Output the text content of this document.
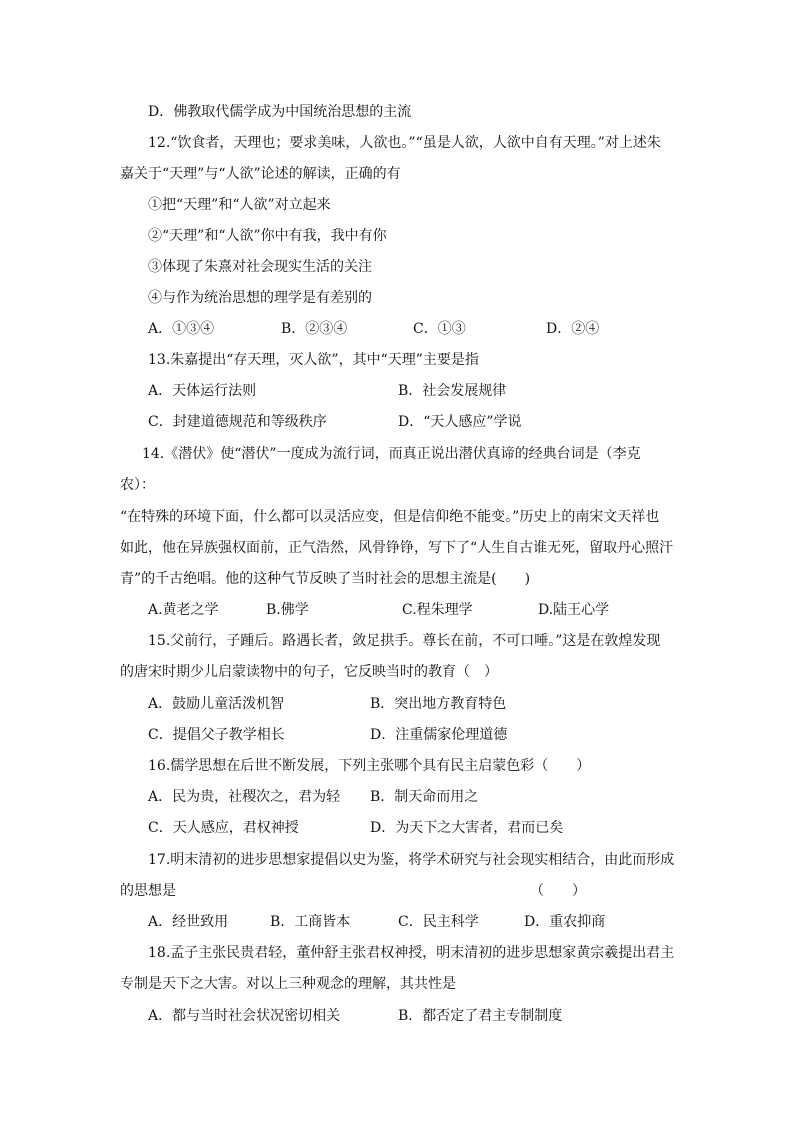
D．佛教取代儒学成为中国统治思想的主流
12.“饮食者，天理也；要求美味，人欲也。”“虽是人欲，人欲中自有天理。”对上述朱
嘉关于“天理”与“人欲”论述的解读，正确的有
①把“天理”和“人欲”对立起来
②“天理”和“人欲”你中有我，我中有你
③体现了朱熹对社会现实生活的关注
④与作为统治思想的理学是有差别的
A．①③④	B．②③④	C．①③	D．②④
13.朱嘉提出“存天理，灭人欲”，其中“天理”主要是指
A．天体运行法则	B．社会发展规律
C．封建道德规范和等级秩序	D．“天人感应”学说
14.《潜伏》使“潜伏”一度成为流行词，而真正说出潜伏真谛的经典台词是（李克
农）：
“在特殊的环境下面，什么都可以灵活应变，但是信仰绝不能变。”历史上的南宋文天祥也
如此，他在异族强权面前，正气浩然，风骨铮铮，写下了“人生自古谁无死，留取丹心照汗
青”的千古绝唱。他的这种气节反映了当时社会的思想主流是(　　)
A.黄老之学	B.佛学	C.程朱理学	D.陆王心学
15.父前行，子踵后。路遇长者，敛足拱手。尊长在前，不可口唾。”这是在敦煌发现
的唐宋时期少儿启蒙读物中的句子，它反映当时的教育（　）
A．鼓励儿童活泼机智	B．突出地方教育特色
C．提倡父子教学相长	D．注重儒家伦理道德
16.儒学思想在后世不断发展，下列主张哪个具有民主启蒙色彩（　　）
A．民为贵，社稷次之，君为轻 B．制天命而用之
C．天人感应，君权神授	D．为天下之大害者，君而已矣
17.明末清初的进步思想家提倡以史为鉴，将学术研究与社会现实相结合，由此而形成
的思想是	（　　）
A．经世致用	B．工商皆本	C．民主科学	D．重农抑商
18.孟子主张民贵君轻，董仲舒主张君权神授，明末清初的进步思想家黄宗羲提出君主
专制是天下之大害。对以上三种观念的理解，其共性是
A．都与当时社会状况密切相关	B．都否定了君主专制制度
